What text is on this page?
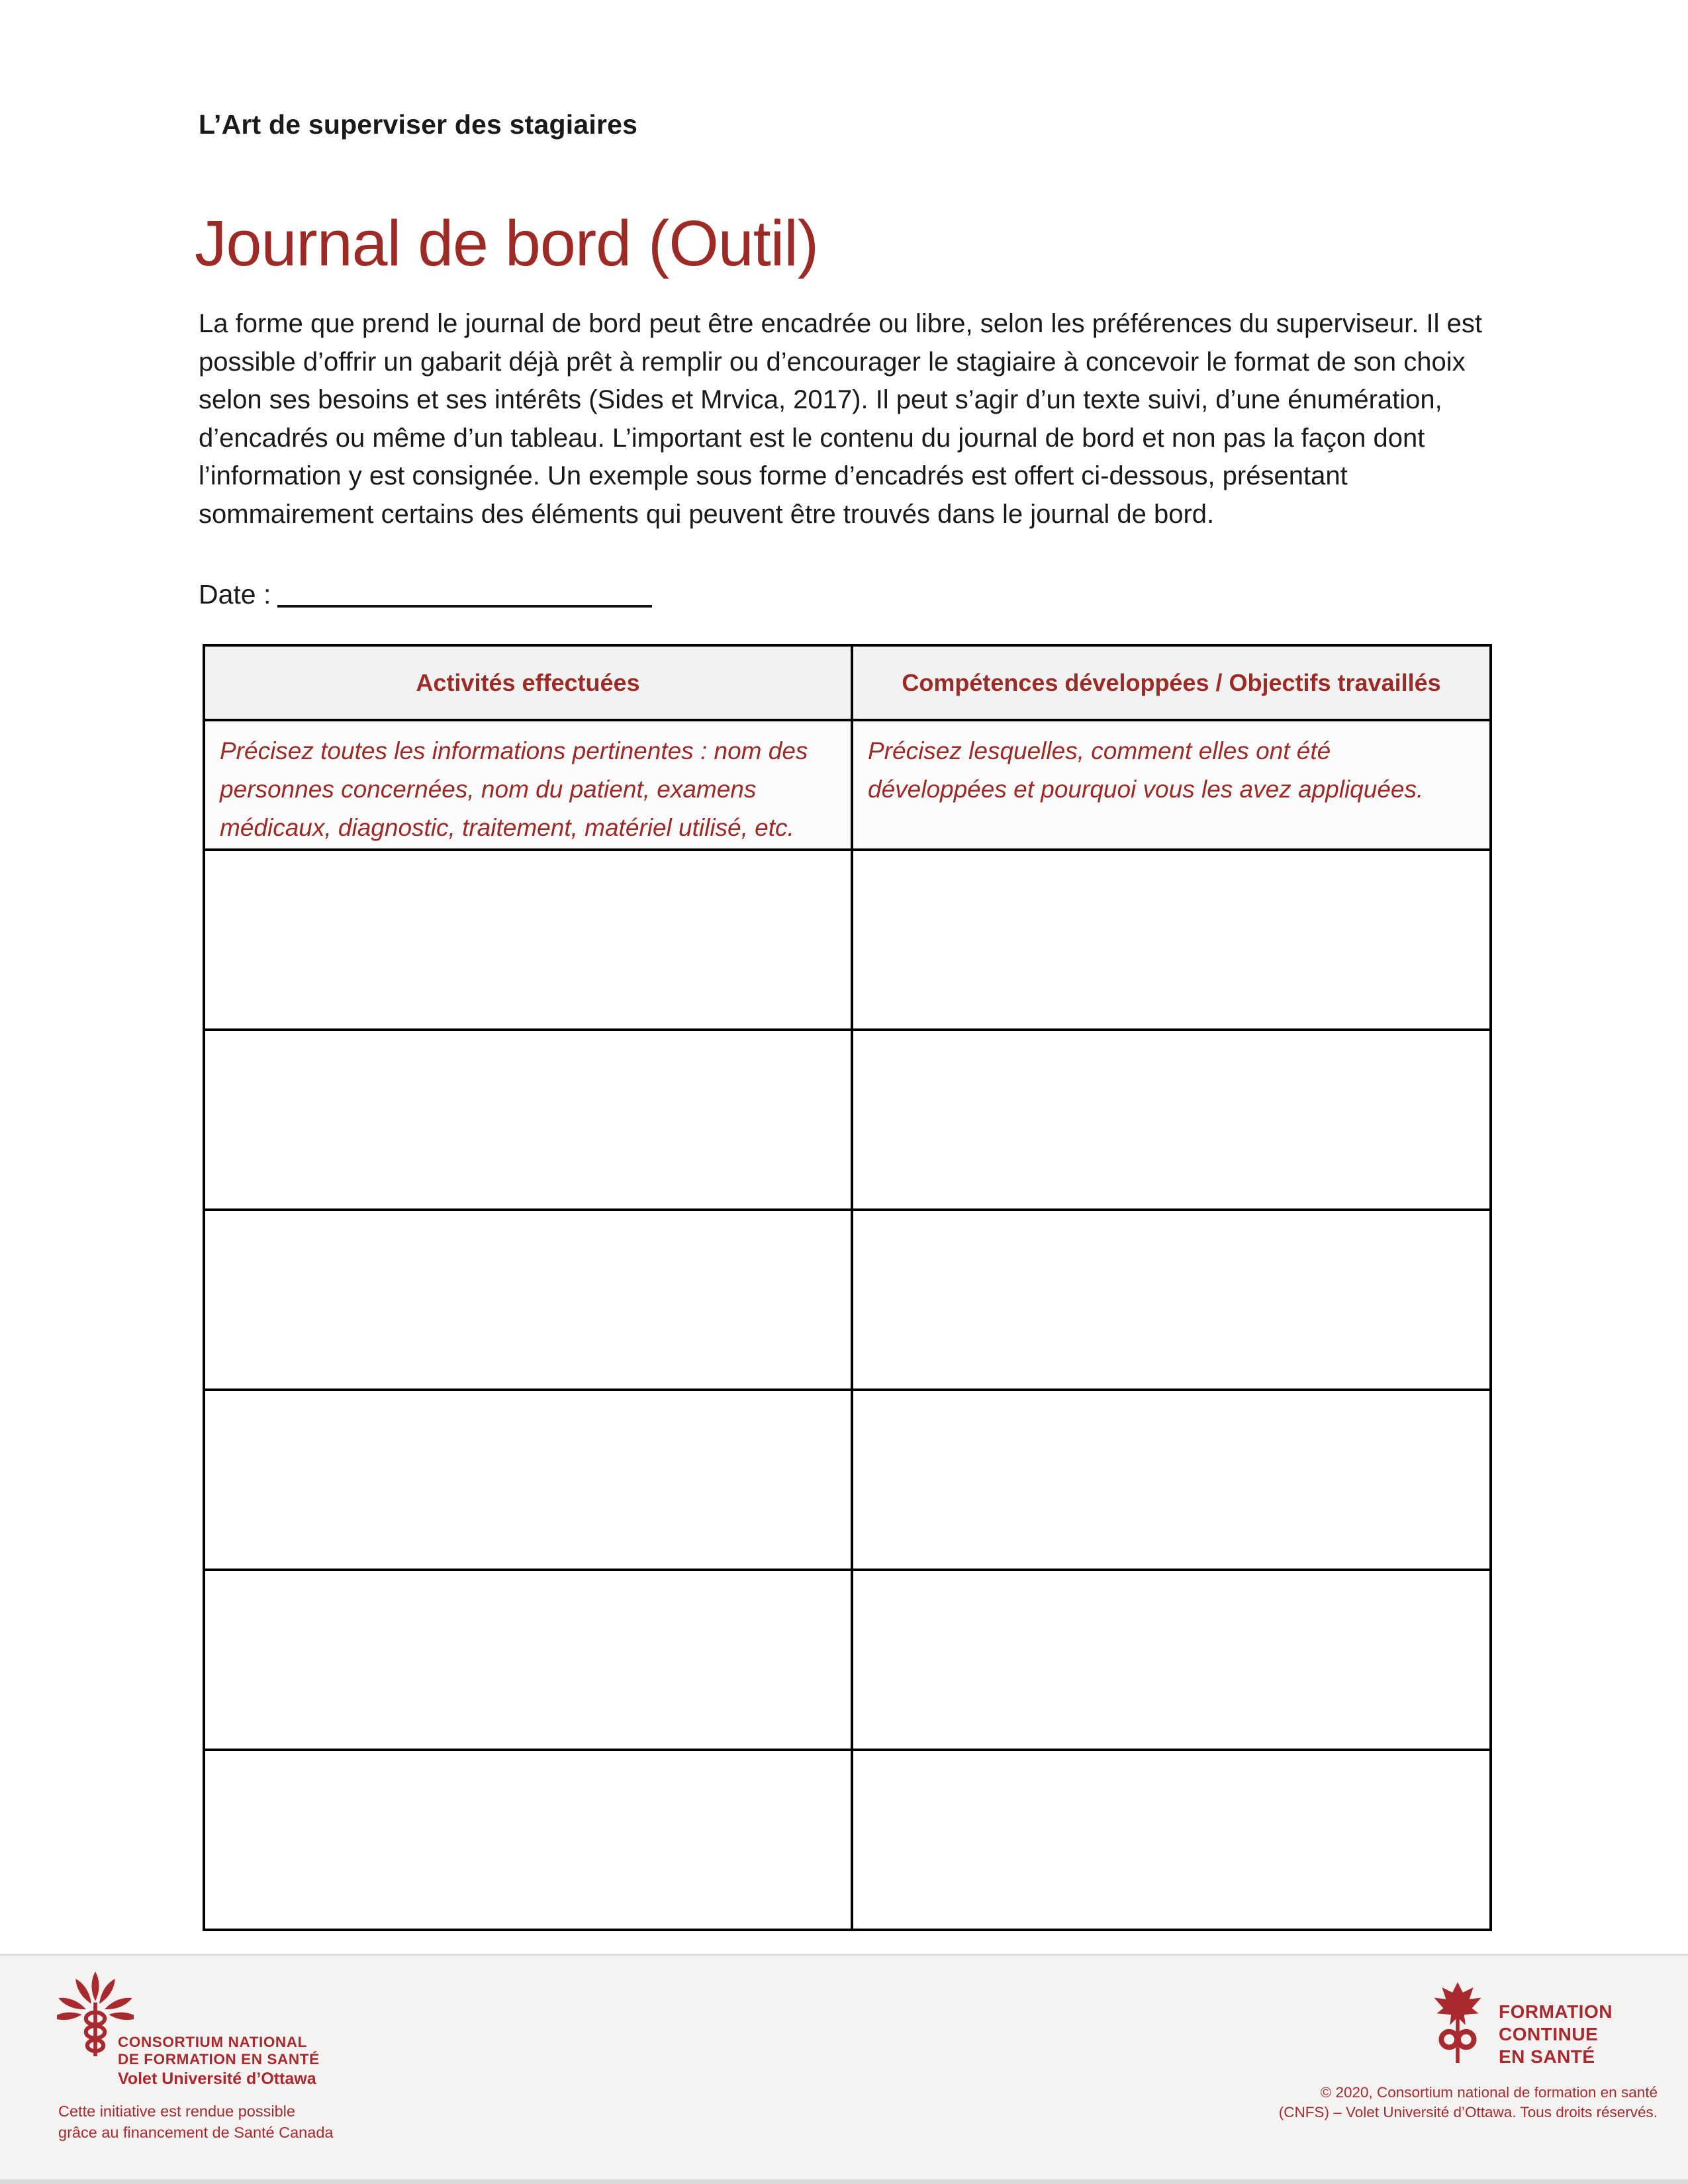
L’Art de superviser des stagiaires
Journal de bord (Outil)

La forme que prend le journal de bord peut être encadrée ou libre, selon les préférences du superviseur. Il est possible d’offrir un gabarit déjà prêt à remplir ou d’encourager le stagiaire à concevoir le format de son choix selon ses besoins et ses intérêts (Sides et Mrvica, 2017). Il peut s’agir d’un texte suivi, d’une énumération, d’encadrés ou même d’un tableau. L’important est le contenu du journal de bord et non pas la façon dont l’information y est consignée. Un exemple sous forme d’encadrés est offert ci-dessous, présentant sommairement certains des éléments qui peuvent être trouvés dans le journal de bord.

Date :
Activités effectuées	Compétences développées / Objectifs travaillés
Précisez toutes les informations pertinentes : nom des personnes concernées, nom du patient, examens médicaux, diagnostic, traitement, matériel utilisé, etc.	Précisez lesquelles, comment elles ont été développées et pourquoi vous les avez appliquées.

CONSORTIUM NATIONAL
DE FORMATION EN SANTÉ
Volet Université d’Ottawa
Cette initiative est rendue possible
grâce au financement de Santé Canada
FORMATION
CONTINUE
EN SANTÉ
© 2020, Consortium national de formation en santé
(CNFS) – Volet Université d’Ottawa. Tous droits réservés.
